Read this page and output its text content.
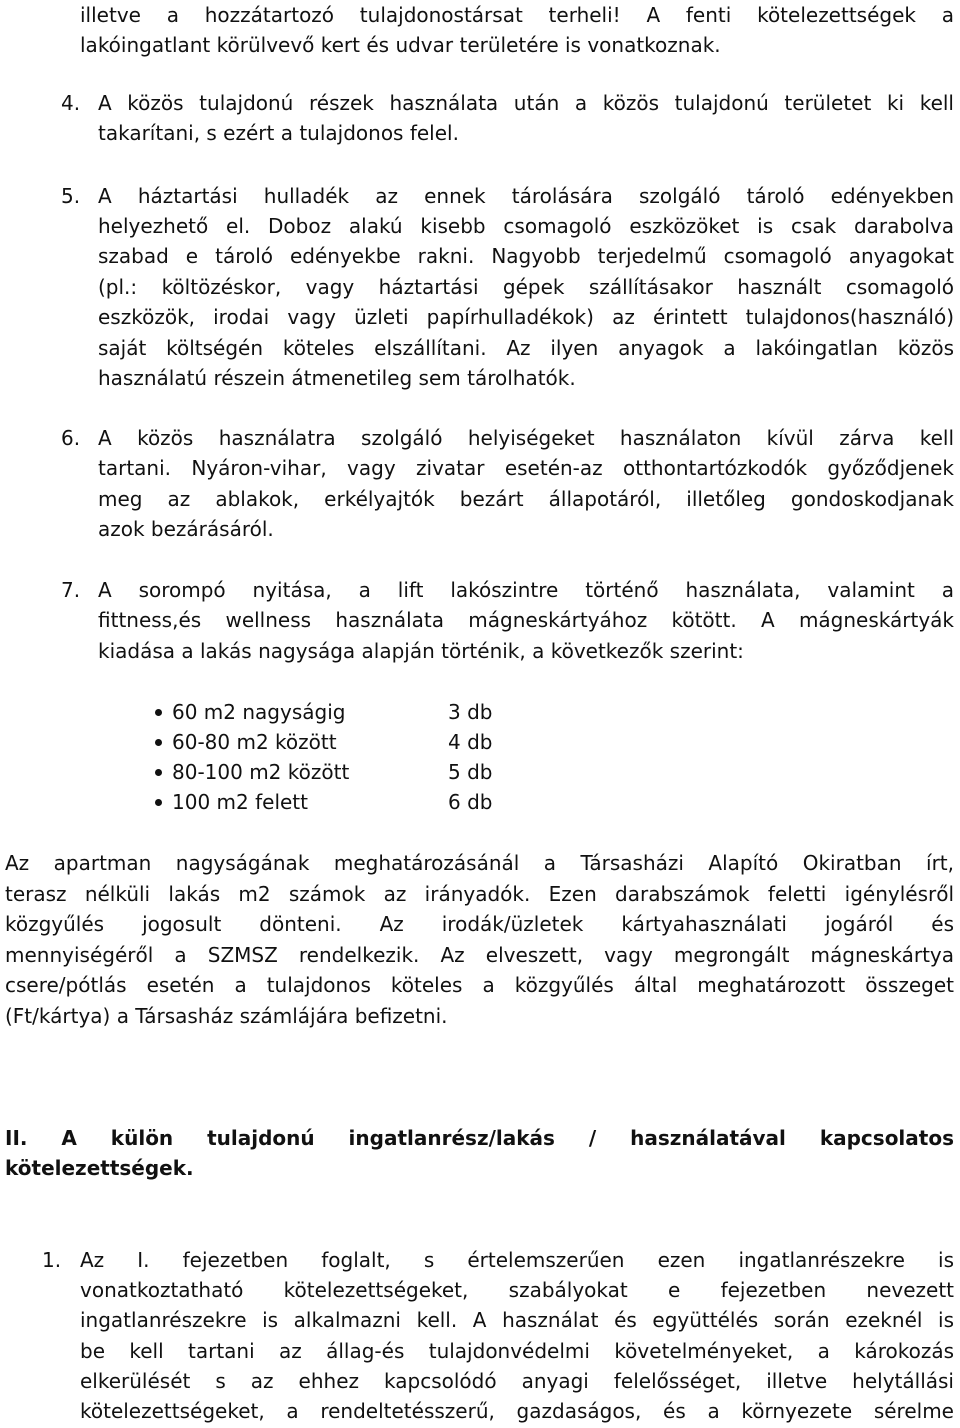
illetve a hozzátartozó tulajdonostársat terheli! A fenti kötelezettségek a
lakóingatlant körülvevő kert és udvar területére is vonatkoznak.
4. A közös tulajdonú részek használata után a közös tulajdonú területet ki kell
takarítani, s ezért a tulajdonos felel.
5. A háztartási hulladék az ennek tárolására szolgáló tároló edényekben
helyezhető el. Doboz alakú kisebb csomagoló eszközöket is csak darabolva
szabad e tároló edényekbe rakni. Nagyobb terjedelmű csomagoló anyagokat
(pl.: költözéskor, vagy háztartási gépek szállításakor használt csomagoló
eszközök, irodai vagy üzleti papírhulladékok) az érintett tulajdonos(használó)
saját költségén köteles elszállítani. Az ilyen anyagok a lakóingatlan közös
használatú részein átmenetileg sem tárolhatók.
6. A közös használatra szolgáló helyiségeket használaton kívül zárva kell
tartani. Nyáron-vihar, vagy zivatar esetén-az otthontartózkodók győződjenek
meg az ablakok, erkélyajtók bezárt állapotáról, illetőleg gondoskodjanak
azok bezárásáról.
7. A sorompó nyitása, a lift lakószintre történő használata, valamint a
fittness,és wellness használata mágneskártyához kötött. A mágneskártyák
kiadása a lakás nagysága alapján történik, a következők szerint:
60 m2 nagyságig	3 db
60-80 m2 között	4 db
80-100 m2 között	5 db
100 m2 felett	6 db
Az apartman nagyságának meghatározásánál a Társasházi Alapító Okiratban írt,
terasz nélküli lakás m2 számok az irányadók. Ezen darabszámok feletti igénylésről
közgyűlés jogosult dönteni. Az irodák/üzletek kártyahasználati jogáról és
mennyiségéről a SZMSZ rendelkezik. Az elveszett, vagy megrongált mágneskártya
csere/pótlás esetén a tulajdonos köteles a közgyűlés által meghatározott összeget
(Ft/kártya) a Társasház számlájára befizetni.
II. A külön tulajdonú ingatlanrész/lakás / használatával kapcsolatos
kötelezettségek.
1. Az I. fejezetben foglalt, s értelemszerűen ezen ingatlanrészekre is
vonatkoztatható kötelezettségeket, szabályokat e fejezetben nevezett
ingatlanrészekre is alkalmazni kell. A használat és együttélés során ezeknél is
be kell tartani az állag-és tulajdonvédelmi követelményeket, a károkozás
elkerülését s az ehhez kapcsolódó anyagi felelősséget, illetve helytállási
kötelezettségeket, a rendeltetésszerű, gazdaságos, és a környezete sérelme
